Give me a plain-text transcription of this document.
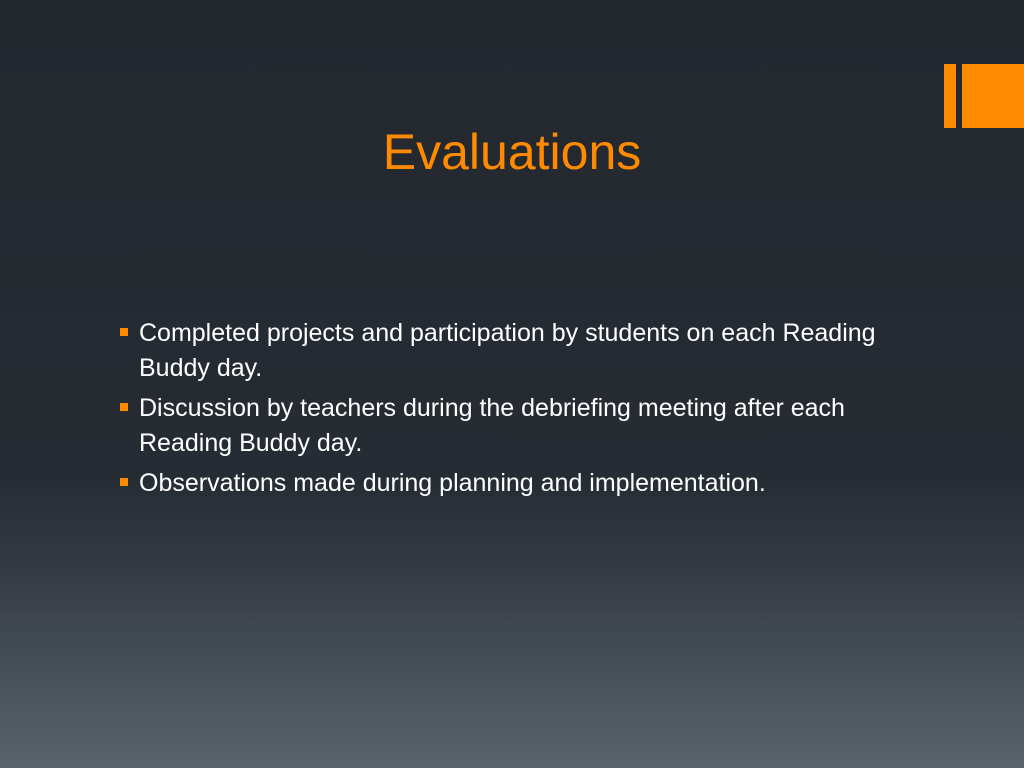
Evaluations
Completed projects and participation by students on each Reading Buddy day.
Discussion by teachers during the debriefing meeting after each Reading Buddy day.
Observations made during planning and implementation.
